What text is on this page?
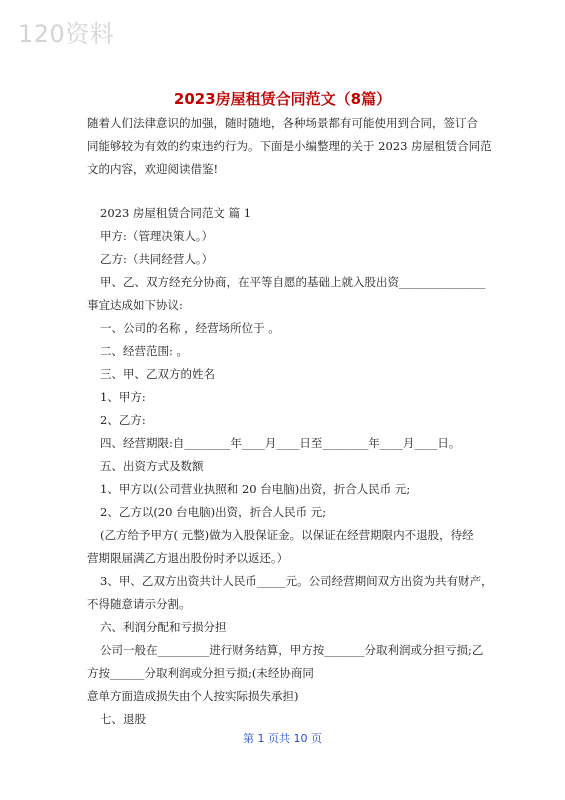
120资料
2023房屋租赁合同范文（8篇）
随着人们法律意识的加强，随时随地，各种场景都有可能使用到合同，签订合
同能够较为有效的约束违约行为。下面是小编整理的关于 2023 房屋租赁合同范
文的内容，欢迎阅读借鉴!
2023 房屋租赁合同范文 篇 1
甲方:（管理决策人。）
乙方:（共同经营人。）
甲、乙、双方经充分协商，在平等自愿的基础上就入股出资_______________
事宜达成如下协议:
一、公司的名称 ，经营场所位于 。
二、经营范围: 。
三、甲、乙双方的姓名
1、甲方:
2、乙方:
四、经营期限:自________年____月____日至________年____月____日。
五、出资方式及数额
1、甲方以(公司营业执照和 20 台电脑)出资，折合人民币 元;
2、乙方以(20 台电脑)出资，折合人民币 元;
(乙方给予甲方( 元整)做为入股保证金。以保证在经营期限内不退股，待经
营期限届满乙方退出股份时矛以返还。）
3、甲、乙双方出资共计人民币_____元。公司经营期间双方出资为共有财产，
不得随意请示分割。
六、利润分配和亏损分担
公司一般在_________进行财务结算，甲方按_______分取利润或分担亏损;乙
方按______分取利润或分担亏损;(未经协商同
意单方面造成损失由个人按实际损失承担)
七、退股
第 1 页共 10 页
